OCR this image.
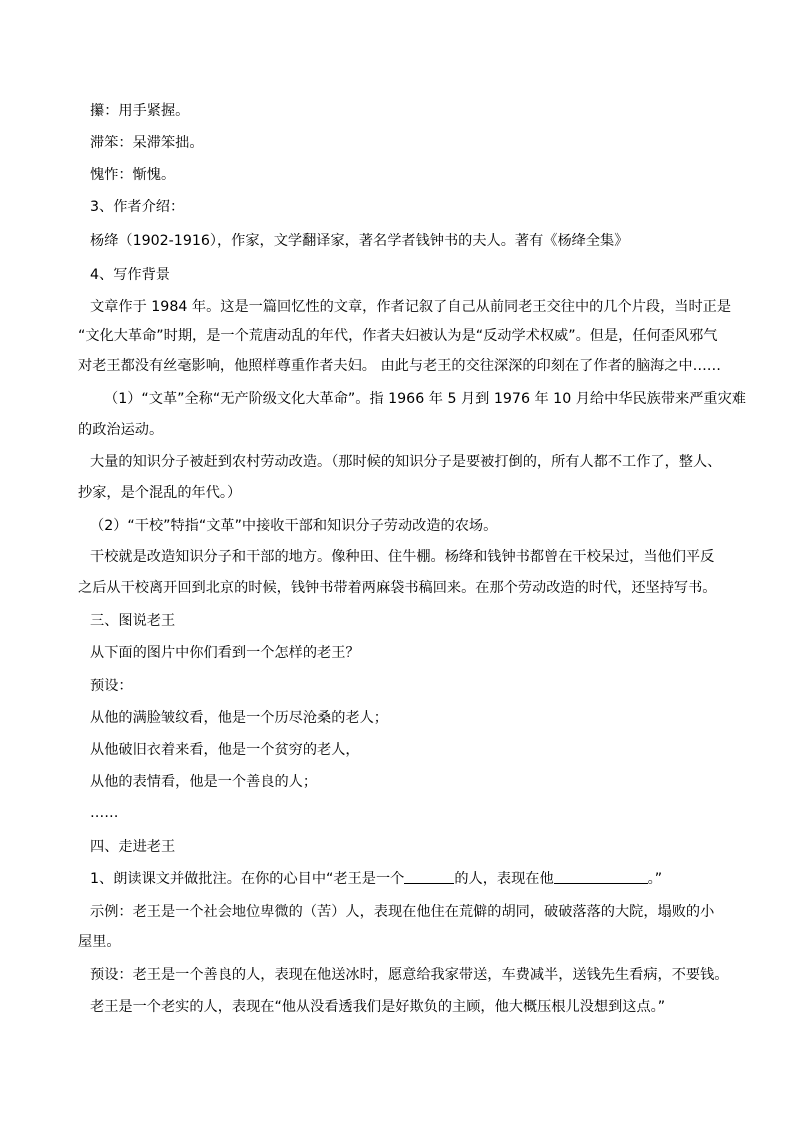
攥：用手紧握。
滞笨：呆滞笨拙。
愧怍：惭愧。
3、作者介绍：
杨绛（1902-1916），作家，文学翻译家，著名学者钱钟书的夫人。著有《杨绛全集》
4、写作背景
文章作于 1984 年。这是一篇回忆性的文章，作者记叙了自己从前同老王交往中的几个片段，当时正是
“文化大革命”时期，是一个荒唐动乱的年代，作者夫妇被认为是“反动学术权威”。但是，任何歪风邪气
对老王都没有丝毫影响，他照样尊重作者夫妇。 由此与老王的交往深深的印刻在了作者的脑海之中……
（1）“文革”全称“无产阶级文化大革命”。指 1966 年 5 月到 1976 年 10 月给中华民族带来严重灾难
的政治运动。
大量的知识分子被赶到农村劳动改造。（那时候的知识分子是要被打倒的，所有人都不工作了，整人、
抄家，是个混乱的年代。）
（2）“干校”特指“文革”中接收干部和知识分子劳动改造的农场。
干校就是改造知识分子和干部的地方。像种田、住牛棚。杨绛和钱钟书都曾在干校呆过，当他们平反
之后从干校离开回到北京的时候，钱钟书带着两麻袋书稿回来。在那个劳动改造的时代，还坚持写书。
三、图说老王
从下面的图片中你们看到一个怎样的老王？
预设：
从他的满脸皱纹看，他是一个历尽沧桑的老人；
从他破旧衣着来看，他是一个贫穷的老人，
从他的表情看，他是一个善良的人；
……
四、走进老王
1、朗读课文并做批注。在你的心目中“老王是一个	的人，表现在他	。”
示例：老王是一个社会地位卑微的（苦）人，表现在他住在荒僻的胡同，破破落落的大院，塌败的小
屋里。
预设：老王是一个善良的人，表现在他送冰时，愿意给我家带送，车费减半，送钱先生看病，不要钱。
老王是一个老实的人，表现在“他从没看透我们是好欺负的主顾，他大概压根儿没想到这点。”
